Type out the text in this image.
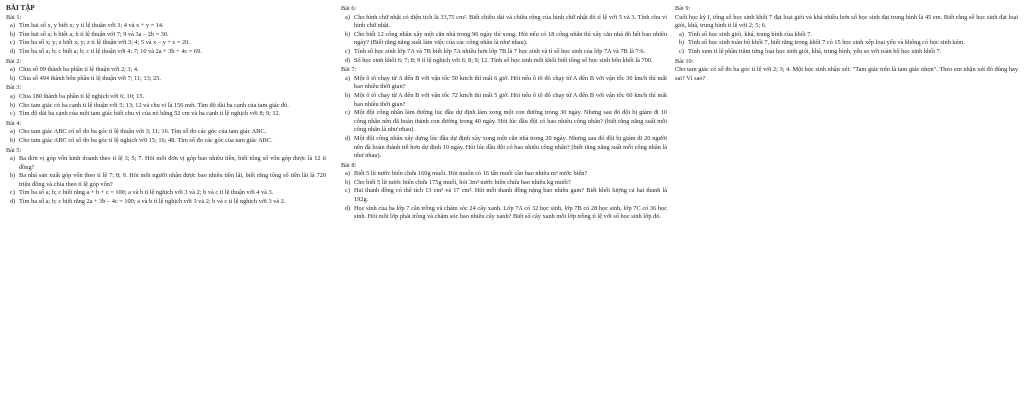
BÀI TẬP
Bài 1:
a) Tìm hai số x, y biết x; y tỉ lệ thuận với 3; 4 và x + y = 14.
b) Tìm hai số a; b biết a; b tỉ lệ thuận với 7; 9 và 3a – 2b = 30.
c) Tìm ba số x; y; z biết x; y; z tỉ lệ thuận với 3; 4; 5 và x – y + z = 20.
d) Tìm ba số a; b; c biết a; b; c tỉ lệ thuận với 4; 7; 10 và 2a + 3b + 4c = 69.
Bài 2:
a) Chia số 99 thành ba phần tỉ lệ thuận với 2; 3; 4.
b) Chia số 494 thành bốn phần tỉ lệ thuận với 7; 11; 13; 25.
Bài 3:
a) Chia 180 thành ba phần tỉ lệ nghịch với 6; 10; 15.
b) Cho tam giác có ba cạnh tỉ lệ thuận với 5; 13; 12 và chu vi là 156 mét. Tìm độ dài ba cạnh của tam giác đó.
c) Tìm độ dài ba cạnh của một tam giác biết chu vi của nó bằng 52 cm và ba cạnh tỉ lệ nghịch với 8; 9; 12.
Bài 4:
a) Cho tam giác ABC có số đo ba góc tỉ lệ thuận với 3; 11; 16. Tìm số đo các góc của tam giác ABC.
b) Cho tam giác ABC có số đo ba góc tỉ lệ nghịch với 15; 16; 48. Tìm số đo các góc của tam giác ABC.
Bài 5:
a) Ba đơn vị góp vốn kinh doanh theo tỉ lệ 3; 5; 7. Hỏi mỗi đơn vị góp bao nhiêu tiền, biết tổng số vốn góp được là 12 tỉ đồng?
b) Ba nhà sản xuất góp vốn theo tỉ lệ 7; 8; 9. Hỏi mỗi người nhận được bao nhiêu tiền lãi, biết rằng tổng số tiền lãi là 720 triệu đồng và chia theo tỉ lệ góp vốn?
c) Tìm ba số a; b; c biết rằng a + b + c = 100; a và b tỉ lệ nghịch với 3 và 2; b và c tỉ lệ thuận với 4 và 3.
d) Tìm ba số a; b; c biết rằng 2a + 3b – 4c = 100; a và b tỉ lệ nghịch với 3 và 2; b và c tỉ lệ nghịch với 3 và 2.
Bài 6:
a) Cho hình chữ nhật có diện tích là 33,75 cm². Biết chiều dài và chiều rộng của hình chữ nhật đó tỉ lệ với 5 và 3. Tính chu vi hình chữ nhật.
b) Cho biết 12 công nhân xây một căn nhà trong 96 ngày thì xong. Hỏi nếu có 18 công nhân thì xây căn nhà đó hết bao nhiêu ngày? (Biết rằng năng suất làm việc của các công nhân là như nhau).
c) Tính số học sinh lớp 7A và 7B biết lớp 7A nhiều hơn lớp 7B là 7 học sinh và tỉ số học sinh của lớp 7A và 7B là 7:6.
d) Số học sinh khối 6; 7; 8; 9 tỉ lệ nghịch với 6; 8; 9; 12. Tính số học sinh mỗi khối biết tổng số học sinh bốn khối là 700.
Bài 7:
a) Một ô tô chạy từ A đến B với vận tốc 50 km/h thì mất 6 giờ. Hỏi nếu ô tô đó chạy từ A đến B với vận tốc 30 km/h thì mất bao nhiêu thời gian?
b) Một ô tô chạy từ A đến B với vận tốc 72 km/h thì mất 5 giờ. Hỏi nếu ô tô đó chạy từ A đến B với vận tốc 60 km/h thì mất bao nhiêu thời gian?
c) Một đội công nhân làm đường lúc đầu dự định làm xong một con đường trong 30 ngày. Nhưng sau đó đội bị giảm đi 10 công nhân nên đã hoàn thành con đường trong 40 ngày. Hỏi lúc đầu đội có bao nhiêu công nhân? (biết rằng năng suất mỗi công nhân là như nhau).
d) Một đội công nhân xây dựng lúc đầu dự định xây xong một căn nhà trong 20 ngày. Nhưng sau đó đội bị giảm đi 20 người nên đã hoàn thành trễ hơn dự định 10 ngày. Hỏi lúc đầu đội có bao nhiêu công nhân? (biết rằng năng suất mỗi công nhân là như nhau).
Bài 8:
a) Biết 5 lít nước biển chứa 160g muối. Hỏi muốn có 16 tấn muối cần bao nhiêu m³ nước biển?
b) Cho biết 5 lít nước biển chứa 175g muối, hỏi 3m³ nước biển chứa bao nhiêu kg muối?
c) Hai thanh đồng có thể tích 13 cm³ và 17 cm³. Hỏi mỗi thanh đồng nặng bao nhiêu gam? Biết khối lượng cả hai thanh là 192g.
d) Học sinh của ba lớp 7 cần trồng và chăm sóc 24 cây xanh. Lớp 7A có 32 học sinh, lớp 7B có 28 học sinh, lớp 7C có 36 học sinh. Hỏi mỗi lớp phải trồng và chăm sóc bao nhiêu cây xanh? Biết số cây xanh mỗi lớp trồng tỉ lệ với số học sinh lớp đó.
Bài 9:
Cuối học kỳ I, tổng số học sinh khối 7 đạt loại giỏi và khá nhiều hơn số học sinh đạt trung bình là 45 em. Biết rằng số học sinh đạt loại giỏi, khá, trung bình tỉ lệ với 2; 5; 6.
a) Tính số học sinh giỏi, khá, trung bình của khối 7.
b) Tính số học sinh toàn bộ khối 7, biết rằng trong khối 7 có 15 học sinh xếp loại yếu và không có học sinh kém.
c) Tính xem tỉ lệ phần trăm từng loại học sinh giỏi, khá, trung bình, yếu so với toàn bộ học sinh khối 7.
Bài 10:
Cho tam giác có số đo ba góc tỉ lệ với 2; 3; 4. Một học sinh nhận xét: "Tam giác trên là tam giác nhọn". Theo em nhận xét đó đúng hay sai? Vì sao?
